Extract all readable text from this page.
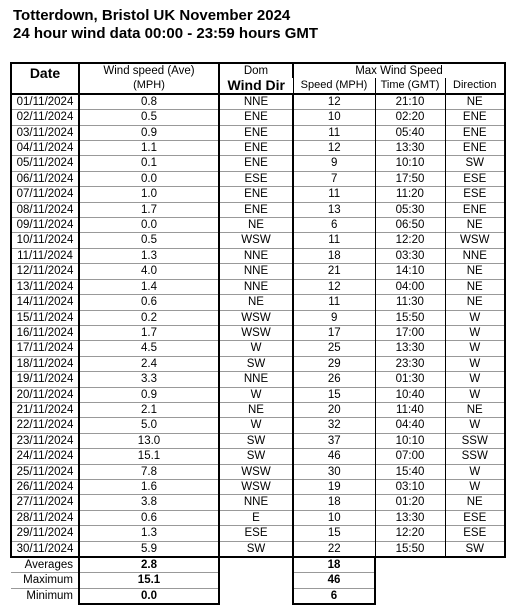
Totterdown, Bristol UK November 2024
24 hour wind data 00:00 - 23:59 hours GMT
Date	Wind speed (Ave)	Dom	Max Wind Speed		
	(MPH)	Wind Dir	Speed (MPH)	Time (GMT)	Direction
01/11/2024	0.8	NNE	12	21:10	NE
02/11/2024	0.5	ENE	10	02:20	ENE
03/11/2024	0.9	ENE	11	05:40	ENE
04/11/2024	1.1	ENE	12	13:30	ENE
05/11/2024	0.1	ENE	9	10:10	SW
06/11/2024	0.0	ESE	7	17:50	ESE
07/11/2024	1.0	ENE	11	11:20	ESE
08/11/2024	1.7	ENE	13	05:30	ENE
09/11/2024	0.0	NE	6	06:50	NE
10/11/2024	0.5	WSW	11	12:20	WSW
11/11/2024	1.3	NNE	18	03:30	NNE
12/11/2024	4.0	NNE	21	14:10	NE
13/11/2024	1.4	NNE	12	04:00	NE
14/11/2024	0.6	NE	11	11:30	NE
15/11/2024	0.2	WSW	9	15:50	W
16/11/2024	1.7	WSW	17	17:00	W
17/11/2024	4.5	W	25	13:30	W
18/11/2024	2.4	SW	29	23:30	W
19/11/2024	3.3	NNE	26	01:30	W
20/11/2024	0.9	W	15	10:40	W
21/11/2024	2.1	NE	20	11:40	NE
22/11/2024	5.0	W	32	04:40	W
23/11/2024	13.0	SW	37	10:10	SSW
24/11/2024	15.1	SW	46	07:00	SSW
25/11/2024	7.8	WSW	30	15:40	W
26/11/2024	1.6	WSW	19	03:10	W
27/11/2024	3.8	NNE	18	01:20	NE
28/11/2024	0.6	E	10	13:30	ESE
29/11/2024	1.3	ESE	15	12:20	ESE
30/11/2024	5.9	SW	22	15:50	SW
Averages	2.8		18		
Maximum	15.1		46		
Minimum	0.0		6		
